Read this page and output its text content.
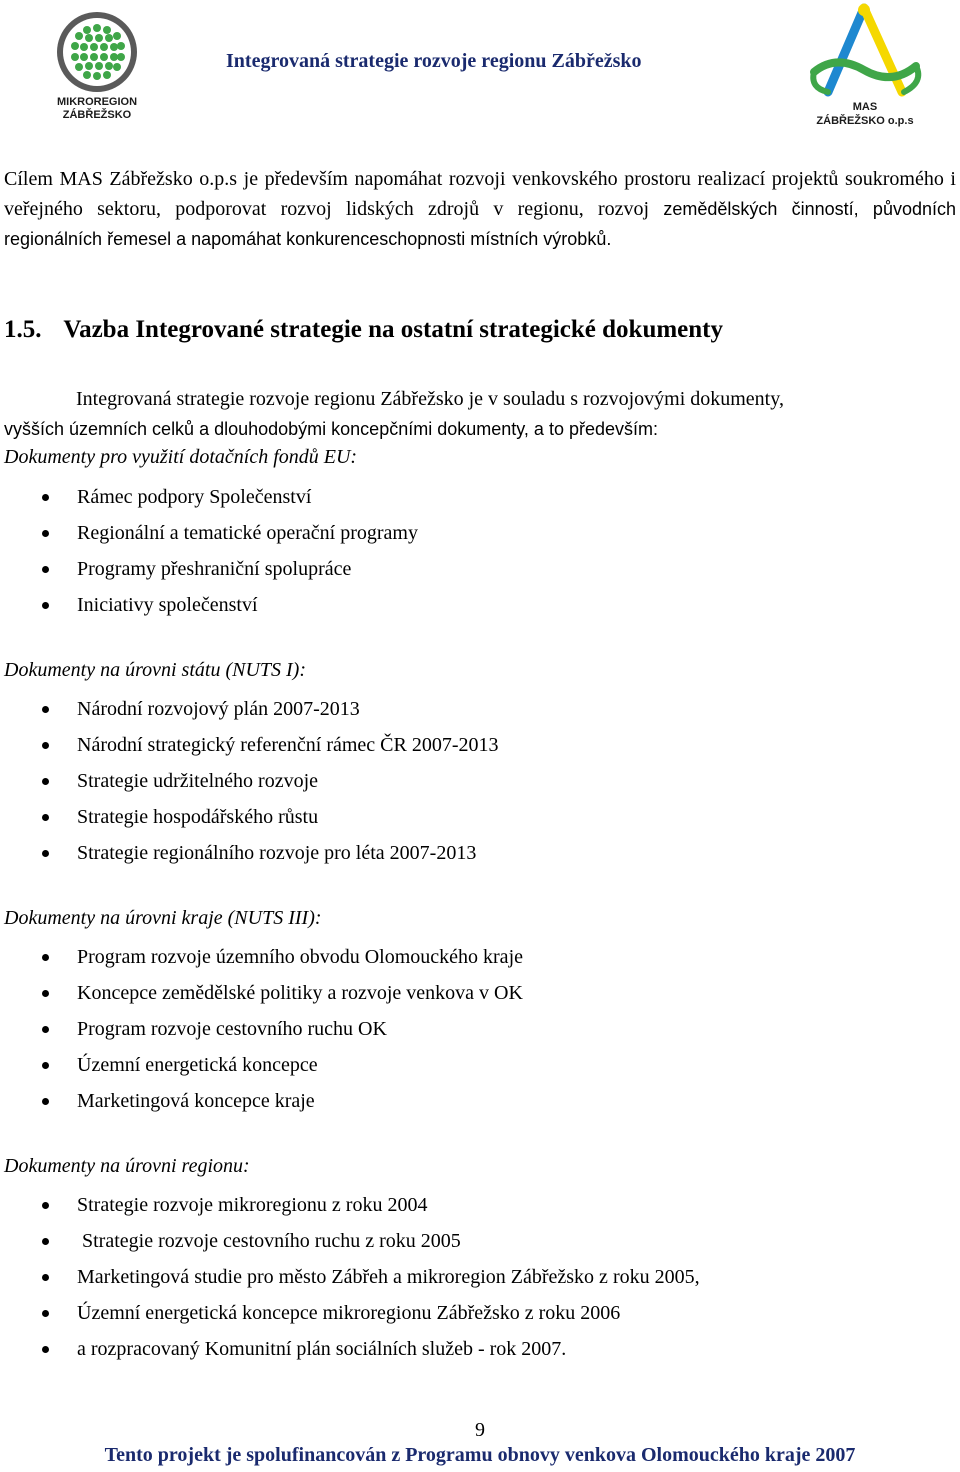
MIKROREGION
ZÁBŘEŽSKO
Integrovaná strategie rozvoje regionu Zábřežsko
MAS
ZÁBŘEŽSKO o.p.s
Cílem MAS Zábřežsko o.p.s je především napomáhat rozvoji venkovského prostoru realizací projektů soukromého i veřejného sektoru, podporovat rozvoj lidských zdrojů v regionu, rozvoj zemědělských činností, původních regionálních řemesel a napomáhat konkurenceschopnosti místních výrobků.
1.5. Vazba Integrované strategie na ostatní strategické dokumenty
Integrovaná strategie rozvoje regionu Zábřežsko je v souladu s rozvojovými dokumenty,
vyšších územních celků a dlouhodobými koncepčními dokumenty, a to především:
Dokumenty pro využití dotačních fondů EU:
Rámec podpory Společenství
Regionální a tematické operační programy
Programy přeshraniční spolupráce
Iniciativy společenství
Dokumenty na úrovni státu (NUTS I):
Národní rozvojový plán 2007-2013
Národní strategický referenční rámec ČR 2007-2013
Strategie udržitelného rozvoje
Strategie hospodářského růstu
Strategie regionálního rozvoje pro léta 2007-2013
Dokumenty na úrovni kraje (NUTS III):
Program rozvoje územního obvodu Olomouckého kraje
Koncepce zemědělské politiky a rozvoje venkova v OK
Program rozvoje cestovního ruchu OK
Územní energetická koncepce
Marketingová koncepce kraje
Dokumenty na úrovni regionu:
Strategie rozvoje mikroregionu z roku 2004
Strategie rozvoje cestovního ruchu z roku 2005
Marketingová studie pro město Zábřeh a mikroregion Zábřežsko z roku 2005,
Územní energetická koncepce mikroregionu Zábřežsko z roku 2006
a rozpracovaný Komunitní plán sociálních služeb - rok 2007.
9
Tento projekt je spolufinancován z Programu obnovy venkova Olomouckého kraje 2007
